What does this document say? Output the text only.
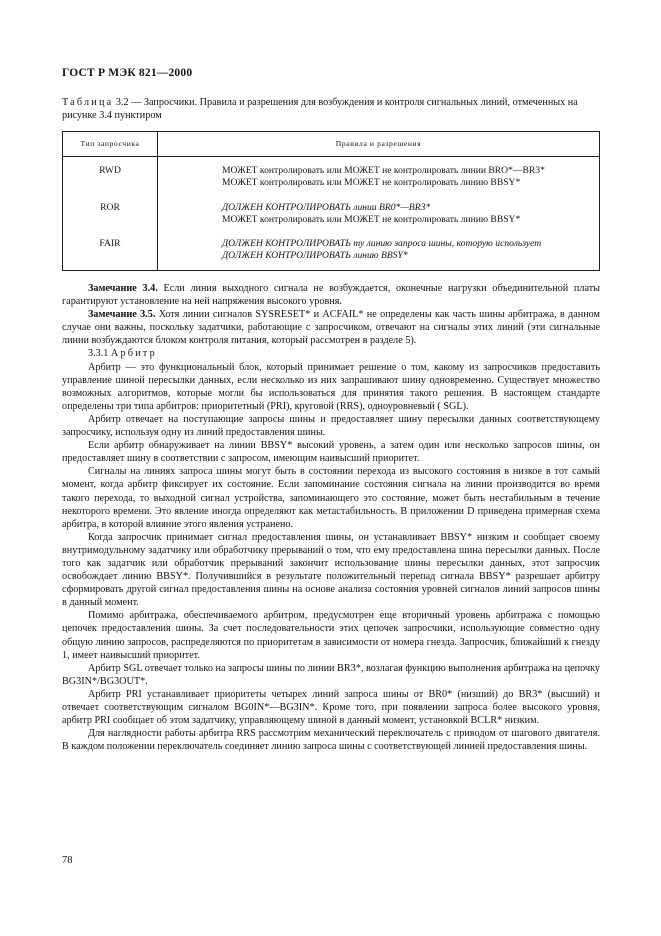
ГОСТ Р МЭК 821—2000
Таблица 3.2 — Запросчики. Правила и разрешения для возбуждения и контроля сигнальных линий, отмеченных на рисунке 3.4 пунктиром
Тип запросчика	Правила и разрешения
RWD	МОЖЕТ контролировать или МОЖЕТ не контролировать линии BRO*—BR3*
МОЖЕТ контролировать или МОЖЕТ не контролировать линию BBSY*

ROR	ДОЛЖЕН КОНТРОЛИРОВАТЬ линии BR0*—BR3*
МОЖЕТ контролировать или МОЖЕТ не контролировать линию BBSY*

FAIR	ДОЛЖЕН КОНТРОЛИРОВАТЬ ту линию запроса шины, которую использует
ДОЛЖЕН КОНТРОЛИРОВАТЬ линию BBSY*

Замечание 3.4. Если линия выходного сигнала не возбуждается, оконечные нагрузки объединительной платы гарантируют установление на ней напряжения высокого уровня.

Замечание 3.5. Хотя линии сигналов SYSRESET* и ACFAIL* не определены как часть шины арбитража, в данном случае они важны, поскольку задатчики, работающие с запросчиком, отвечают на сигналы этих линий (эти сигнальные линии возбуждаются блоком контроля питания, который рассмотрен в разделе 5).

3.3.1 Арбитр

Арбитр — это функциональный блок, который принимает решение о том, какому из запросчиков предоставить управление шиной пересылки данных, если несколько из них запрашивают шину одновременно. Существует множество возможных алгоритмов, которые могли бы использоваться для принятия такого решения. В настоящем стандарте определены три типа арбитров: приоритетный (PRI), круговой (RRS), одноуровневый ( SGL).

Арбитр отвечает на поступающие запросы шины и предоставляет шину пересылки данных соответствующему запросчику, используя одну из линий предоставления шины.

Если арбитр обнаруживает на линии BBSY* высокий уровень, а затем один или несколько запросов шины, он предоставляет шину в соответствии с запросом, имеющим наивысший приоритет.

Сигналы на линиях запроса шины могут быть в состоянии перехода из высокого состояния в низкое в тот самый момент, когда арбитр фиксирует их состояние. Если запоминание состояния сигнала на линии производится во время такого перехода, то выходной сигнал устройства, запоминающего это состояние, может быть нестабильным в течение некоторого времени. Это явление иногда определяют как метастабильность. В приложении D приведена примерная схема арбитра, в которой влияние этого явления устранено.

Когда запросчик принимает сигнал предоставления шины, он устанавливает BBSY* низким и сообщает своему внутримодульному задатчику или обработчику прерываний о том, что ему предоставлена шина пересылки данных. После того как задатчик или обработчик прерываний закончит использование шины пересылки данных, этот запросчик освобождает линию BBSY*. Получившийся в результате положительный перепад сигнала BBSY* разрешает арбитру сформировать другой сигнал предоставления шины на основе анализа состояния уровней сигналов линий запросов шины в данный момент.

Помимо арбитража, обеспечиваемого арбитром, предусмотрен еще вторичный уровень арбитража с помощью цепочек предоставления шины. За счет последовательности этих цепочек запросчики, использующие совместно одну общую линию запросов, распределяются по приоритетам в зависимости от номера гнезда. Запросчик, ближайший к гнезду 1, имеет наивысший приоритет.

Арбитр SGL отвечает только на запросы шины по линии BR3*, возлагая функцию выполнения арбитража на цепочку BG3IN*/BG3OUT*.

Арбитр PRI устанавливает приоритеты четырех линий запроса шины от BR0* (низший) до BR3* (высший) и отвечает соответствующим сигналом BG0IN*—BG3IN*. Кроме того, при появлении запроса более высокого уровня, арбитр PRI сообщает об этом задатчику, управляющему шиной в данный момент, установкой BCLR* низким.

Для наглядности работы арбитра RRS рассмотрим механический переключатель с приводом от шагового двигателя. В каждом положении переключатель соединяет линию запроса шины с соответствующей линией предоставления шины.

78
